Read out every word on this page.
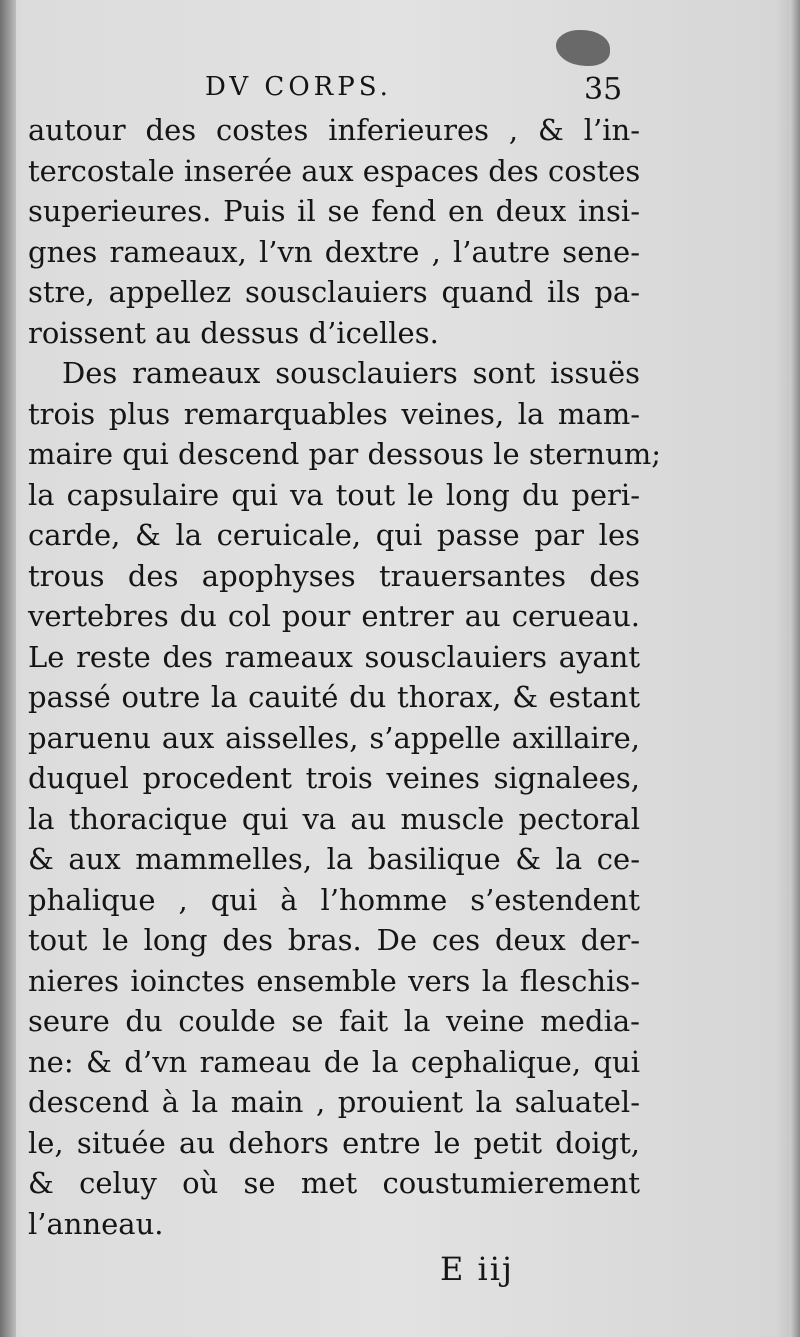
DV CORPS.	35
autour des costes inferieures , & l’in-
tercostale inserée aux espaces des costes
superieures. Puis il se fend en deux insi-
gnes rameaux, l’vn dextre , l’autre sene-
stre, appellez sousclauiers quand ils pa-
roissent au dessus d’icelles.
Des rameaux sousclauiers sont issuës
trois plus remarquables veines, la mam-
maire qui descend par dessous le sternum;
la capsulaire qui va tout le long du peri-
carde, & la ceruicale, qui passe par les
trous des apophyses trauersantes des
vertebres du col pour entrer au cerueau.
Le reste des rameaux sousclauiers ayant
passé outre la cauité du thorax, & estant
paruenu aux aisselles, s’appelle axillaire,
duquel procedent trois veines signalees,
la thoracique qui va au muscle pectoral
& aux mammelles, la basilique & la ce-
phalique , qui à l’homme s’estendent
tout le long des bras. De ces deux der-
nieres ioinctes ensemble vers la fleschis-
seure du coulde se fait la veine media-
ne: & d’vn rameau de la cephalique, qui
descend à la main , prouient la saluatel-
le, située au dehors entre le petit doigt,
& celuy où se met coustumierement
l’anneau.
E iij
